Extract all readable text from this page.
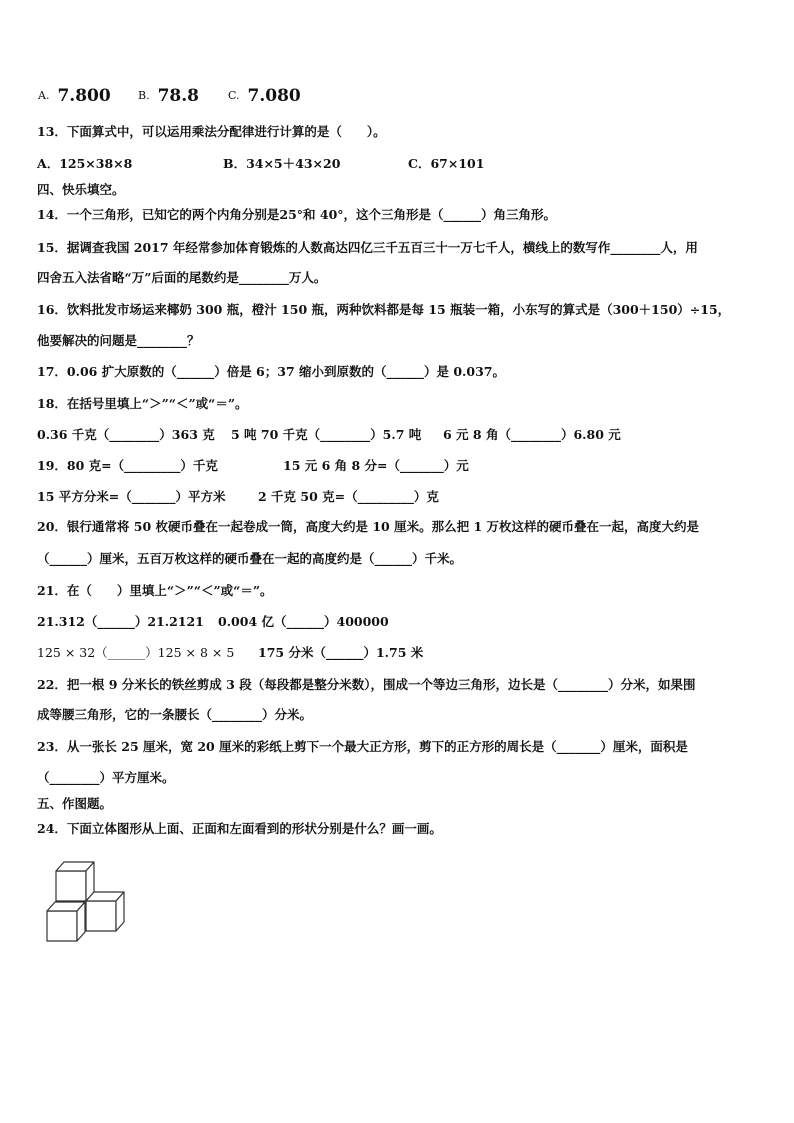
A. 7.800 B. 78.8	C. 7.080
13．下面算式中，可以运用乘法分配律进行计算的是（　　）。
A．125×38×8	B．34×5＋43×20	C．67×101
四、快乐填空。
14．一个三角形，已知它的两个内角分别是25°和 40°，这个三角形是（______）角三角形。
15．据调查我国 2017 年经常参加体育锻炼的人数高达四亿三千五百三十一万七千人，横线上的数写作________人，用
四舍五入法省略“万”后面的尾数约是________万人。
16．饮料批发市场运来椰奶 300 瓶，橙汁 150 瓶，两种饮料都是每 15 瓶装一箱，小东写的算式是（300＋150）÷15，
他要解决的问题是________？
17．0.06 扩大原数的（______）倍是 6；37 缩小到原数的（______）是 0.037。
18．在括号里填上“＞”“＜”或“＝”。
0.36 千克（________）363 克 5 吨 70 千克（________）5.7 吨 6 元 8 角（________）6.80 元
19．80 克=（_________）千克	15 元 6 角 8 分=（_______）元
15 平方分米=（_______）平方米	2 千克 50 克=（_________）克
20．银行通常将 50 枚硬币叠在一起卷成一筒，高度大约是 10 厘米。那么把 1 万枚这样的硬币叠在一起，高度大约是
（______）厘米，五百万枚这样的硬币叠在一起的高度约是（______）千米。
21．在（　　）里填上“＞”“＜”或“＝”。
21.312（______）21.2121 0.004 亿（______）400000
125 × 32（______）125 × 8 × 5 175 分米（______）1.75 米
22．把一根 9 分米长的铁丝剪成 3 段（每段都是整分米数），围成一个等边三角形，边长是（________）分米，如果围
成等腰三角形，它的一条腰长（________）分米。
23．从一张长 25 厘米，宽 20 厘米的彩纸上剪下一个最大正方形，剪下的正方形的周长是（_______）厘米，面积是
（________）平方厘米。
五、作图题。
24．下面立体图形从上面、正面和左面看到的形状分别是什么？画一画。
